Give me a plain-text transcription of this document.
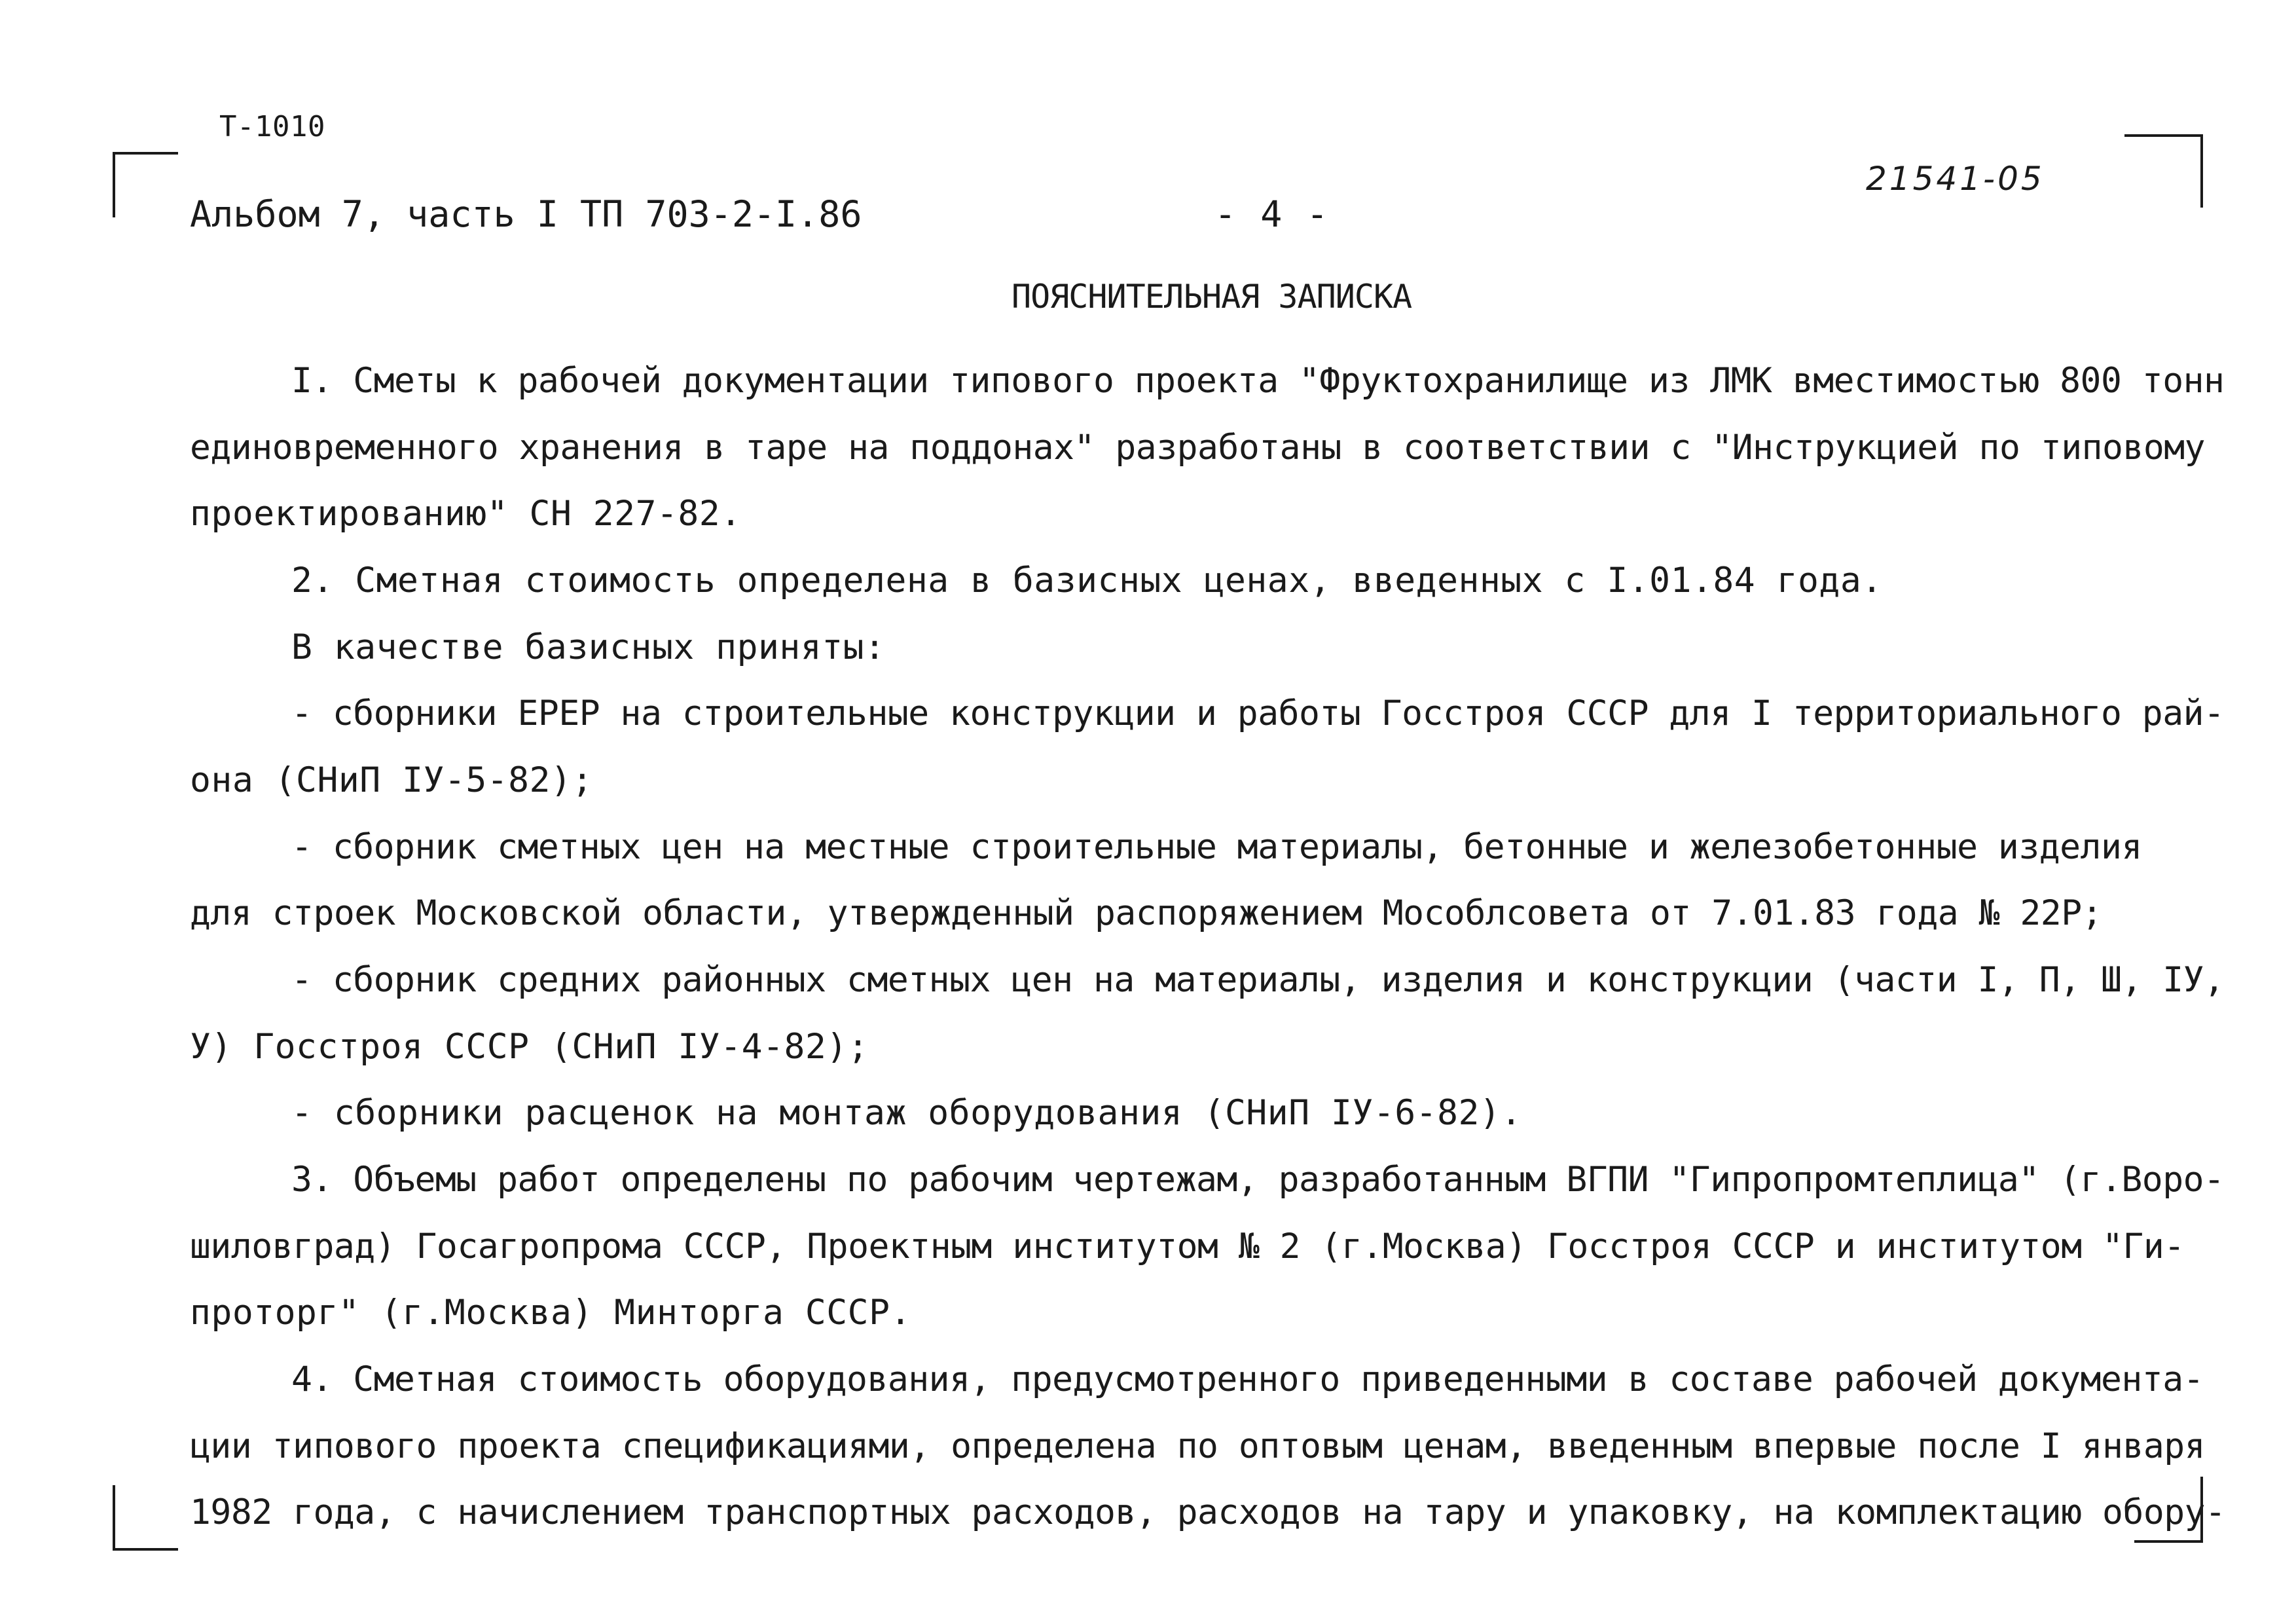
Т-1010
Альбом 7, часть I ТП 703-2-I.86	- 4 -
21541-05
ПОЯСНИТЕЛЬНАЯ ЗАПИСКА
I. Сметы к рабочей документации типового проекта "Фруктохранилище из ЛМК вместимостью 800 тонн
единовременного хранения в таре на поддонах" разработаны в соответствии с "Инструкцией по типовому
проектированию" СН 227-82.
2. Сметная стоимость определена в базисных ценах, введенных с I.01.84 года.
В качестве базисных приняты:
- сборники ЕРЕР на строительные конструкции и работы Госстроя СССР для I территориального рай-
она (СНиП IУ-5-82);
- сборник сметных цен на местные строительные материалы, бетонные и железобетонные изделия
для строек Московской области, утвержденный распоряжением Мособлсовета от 7.01.83 года № 22Р;
- сборник средних районных сметных цен на материалы, изделия и конструкции (части I, П, Ш, IУ,
У) Госстроя СССР (СНиП IУ-4-82);
- сборники расценок на монтаж оборудования (СНиП IУ-6-82).
3. Объемы работ определены по рабочим чертежам, разработанным ВГПИ "Гипропромтеплица" (г.Воро-
шиловград) Госагропрома СССР, Проектным институтом № 2 (г.Москва) Госстроя СССР и институтом "Ги-
проторг" (г.Москва) Минторга СССР.
4. Сметная стоимость оборудования, предусмотренного приведенными в составе рабочей документа-
ции типового проекта спецификациями, определена по оптовым ценам, введенным впервые после I января
1982 года, с начислением транспортных расходов, расходов на тару и упаковку, на комплектацию обору-
